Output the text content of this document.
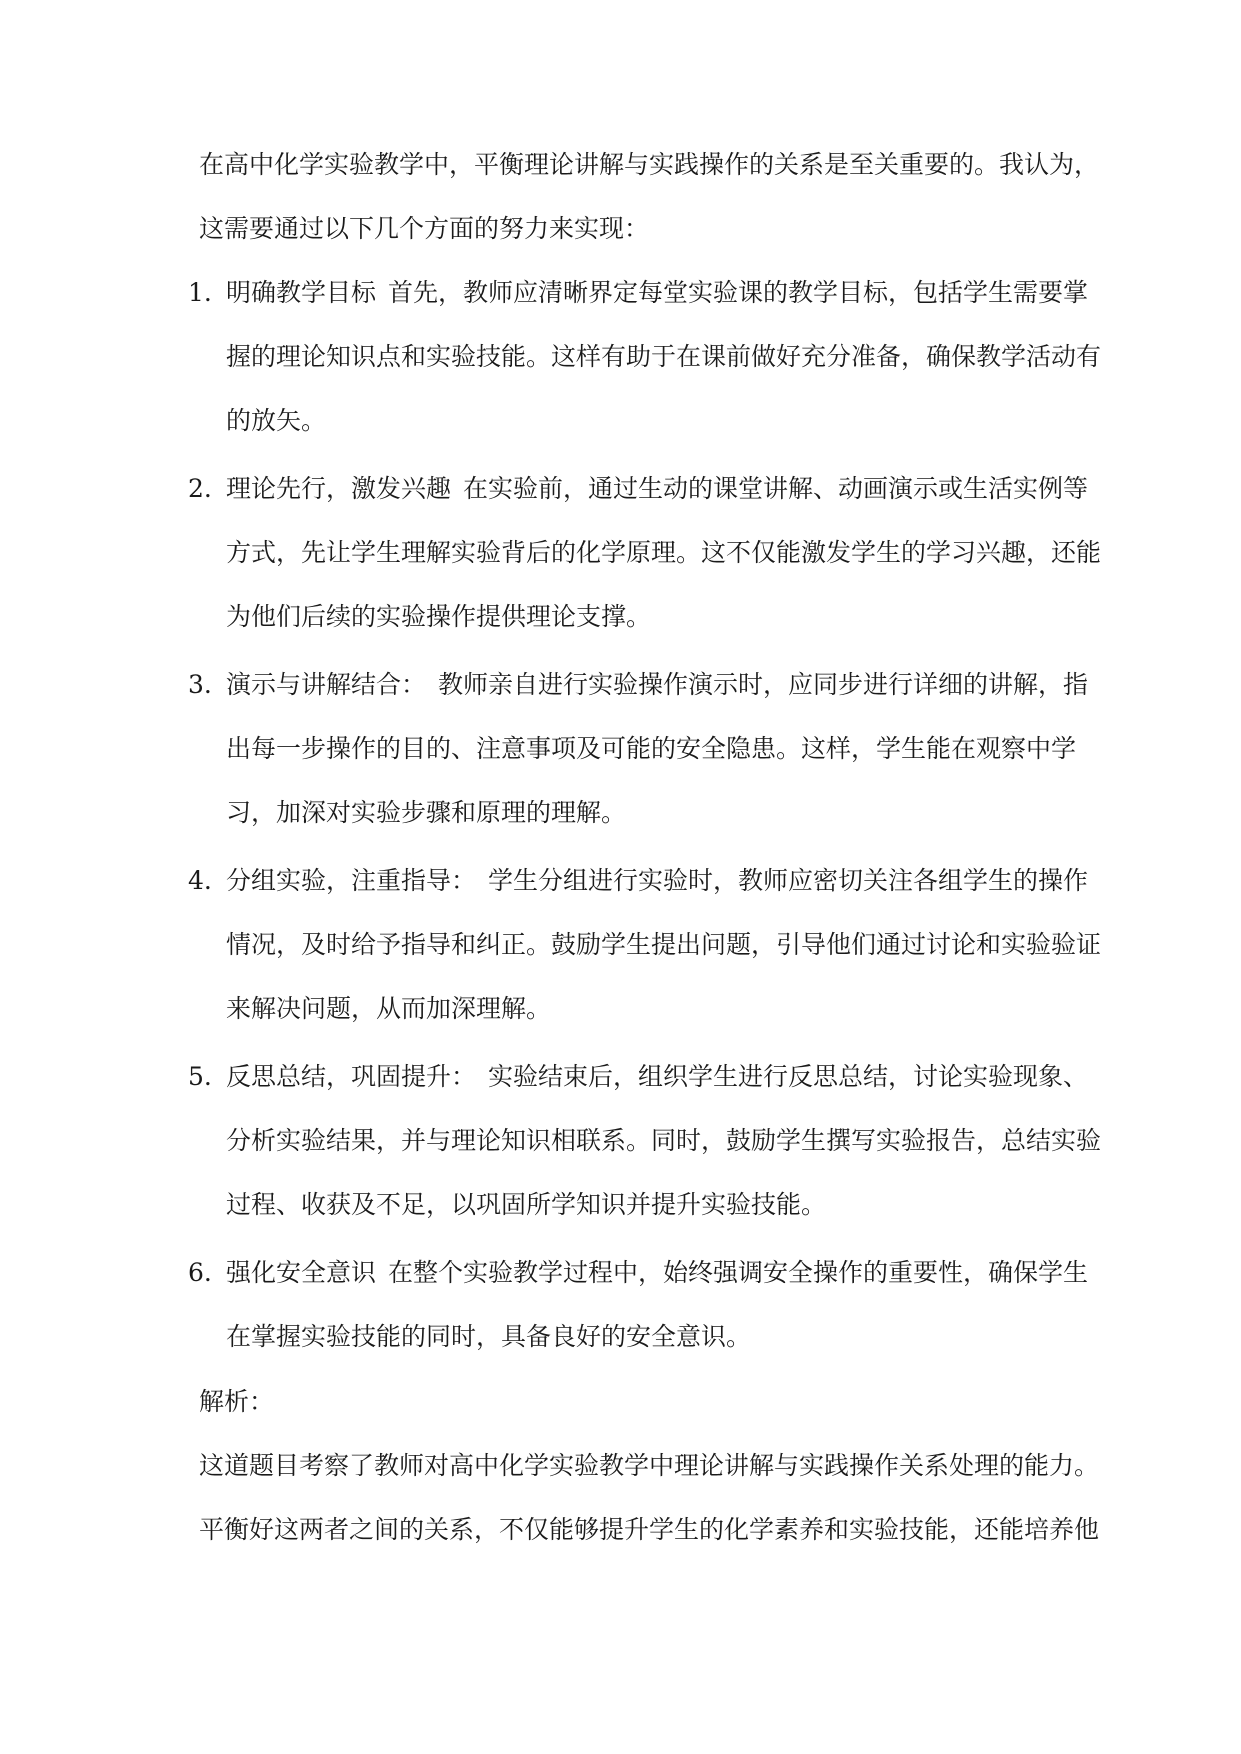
在高中化学实验教学中，平衡理论讲解与实践操作的关系是至关重要的。我认为，这需要通过以下几个方面的努力来实现：

1. 明确教学目标 首先，教师应清晰界定每堂实验课的教学目标，包括学生需要掌握的理论知识点和实验技能。这样有助于在课前做好充分准备，确保教学活动有的放矢。
2. 理论先行，激发兴趣 在实验前，通过生动的课堂讲解、动画演示或生活实例等方式，先让学生理解实验背后的化学原理。这不仅能激发学生的学习兴趣，还能为他们后续的实验操作提供理论支撑。
3. 演示与讲解结合： 教师亲自进行实验操作演示时，应同步进行详细的讲解，指出每一步操作的目的、注意事项及可能的安全隐患。这样，学生能在观察中学习，加深对实验步骤和原理的理解。
4. 分组实验，注重指导： 学生分组进行实验时，教师应密切关注各组学生的操作情况，及时给予指导和纠正。鼓励学生提出问题，引导他们通过讨论和实验验证来解决问题，从而加深理解。
5. 反思总结，巩固提升： 实验结束后，组织学生进行反思总结，讨论实验现象、分析实验结果，并与理论知识相联系。同时，鼓励学生撰写实验报告，总结实验过程、收获及不足，以巩固所学知识并提升实验技能。
6. 强化安全意识 在整个实验教学过程中，始终强调安全操作的重要性，确保学生在掌握实验技能的同时，具备良好的安全意识。

解析：

这道题目考察了教师对高中化学实验教学中理论讲解与实践操作关系处理的能力。平衡好这两者之间的关系，不仅能够提升学生的化学素养和实验技能，还能培养他
